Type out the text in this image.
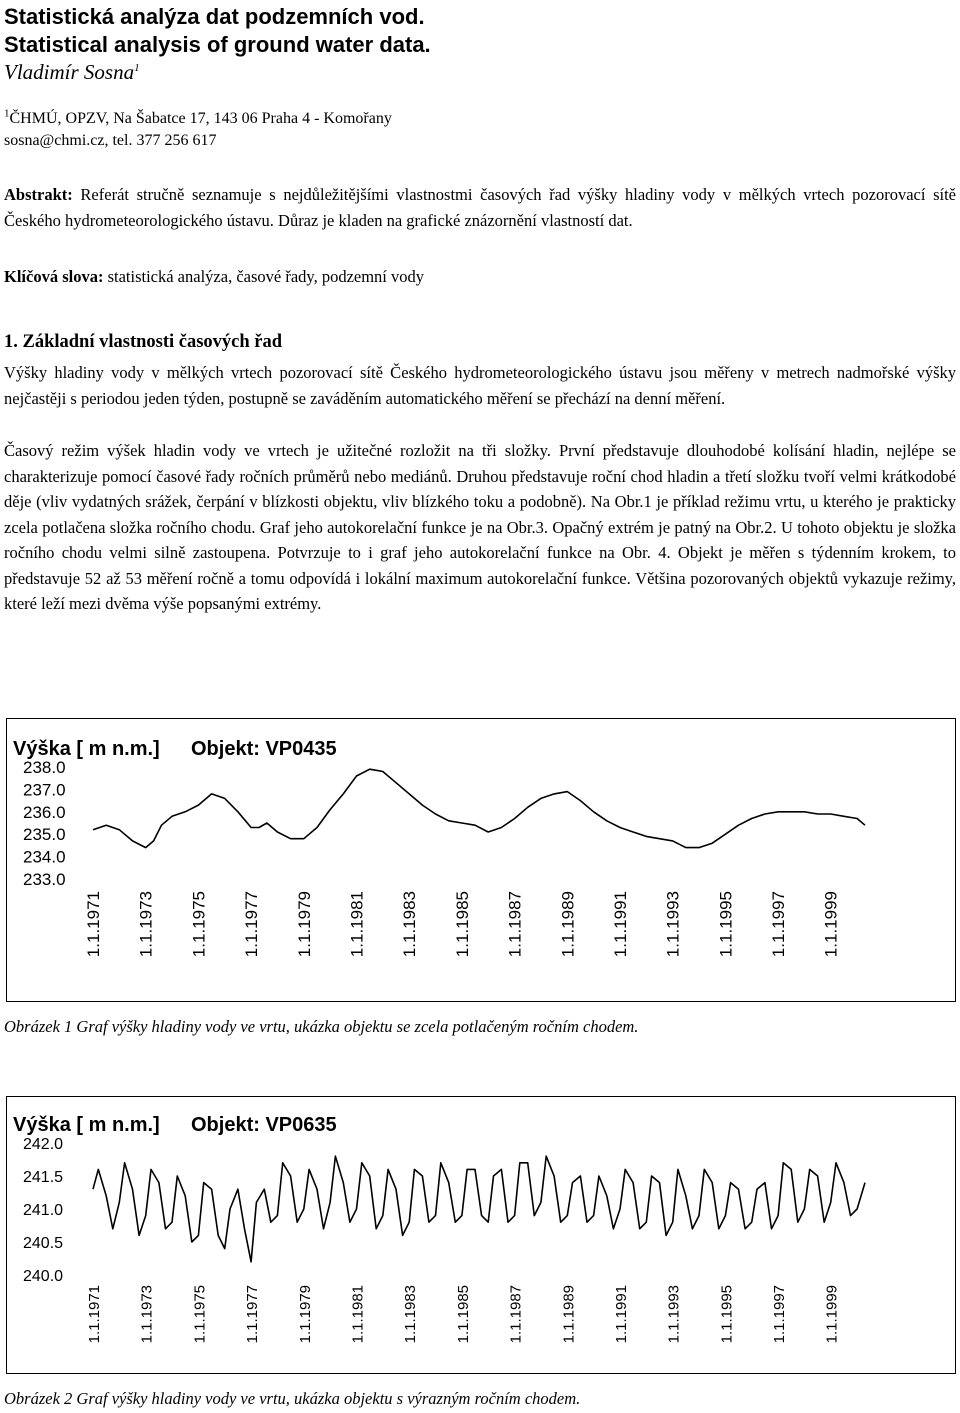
Statistická analýza dat podzemních vod.
Statistical analysis of ground water data.
Vladimír Sosna$^1$
$^1$ČHMÚ, OPZV, Na Šabatce 17, 143 06 Praha 4 - Komořany
sosna@chmi.cz, tel. 377 256 617

Abstrakt: Referát stručně seznamuje s nejdůležitějšími vlastnostmi časových řad výšky hladiny vody v mělkých vrtech pozorovací sítě Českého hydrometeorologického ústavu. Důraz je kladen na grafické znázornění vlastností dat.

Klíčová slova: statistická analýza, časové řady, podzemní vody

1. Základní vlastnosti časových řad

Výšky hladiny vody v mělkých vrtech pozorovací sítě Českého hydrometeorologického ústavu jsou měřeny v metrech nadmořské výšky nejčastěji s periodou jeden týden, postupně se zaváděním automatického měření se přechází na denní měření.

Časový režim výšek hladin vody ve vrtech je užitečné rozložit na tři složky. První představuje dlouhodobé kolísání hladin, nejlépe se charakterizuje pomocí časové řady ročních průměrů nebo mediánů. Druhou představuje roční chod hladin a třetí složku tvoří velmi krátkodobé děje (vliv vydatných srážek, čerpání v blízkosti objektu, vliv blízkého toku a podobně). Na Obr.1 je příklad režimu vrtu, u kterého je prakticky zcela potlačena složka ročního chodu. Graf jeho autokorelační funkce je na Obr.3. Opačný extrém je patný na Obr.2. U tohoto objektu je složka ročního chodu velmi silně zastoupena. Potvrzuje to i graf jeho autokorelační funkce na Obr. 4. Objekt je měřen s týdenním krokem, to představuje 52 až 53 měření ročně a tomu odpovídá i lokální maximum autokorelační funkce. Většina pozorovaných objektů vykazuje režimy, které leží mezi dvěma výše popsanými extrémy.

Výška [ m n.m.] Objekt: VP0435
238.0
237.0
236.0
235.0
234.0
233.0
1.1.1971 1.1.1973 1.1.1975 1.1.1977 1.1.1979 1.1.1981 1.1.1983 1.1.1985 1.1.1987 1.1.1989 1.1.1991 1.1.1993 1.1.1995 1.1.1997 1.1.1999
Obrázek 1 Graf výšky hladiny vody ve vrtu, ukázka objektu se zcela potlačeným ročním chodem.
Výška [ m n.m.] Objekt: VP0635
242.0
241.5
241.0
240.5
240.0
1.1.1971 1.1.1973 1.1.1975 1.1.1977 1.1.1979 1.1.1981 1.1.1983 1.1.1985 1.1.1987 1.1.1989 1.1.1991 1.1.1993 1.1.1995 1.1.1997 1.1.1999
Obrázek 2 Graf výšky hladiny vody ve vrtu, ukázka objektu s výrazným ročním chodem.
